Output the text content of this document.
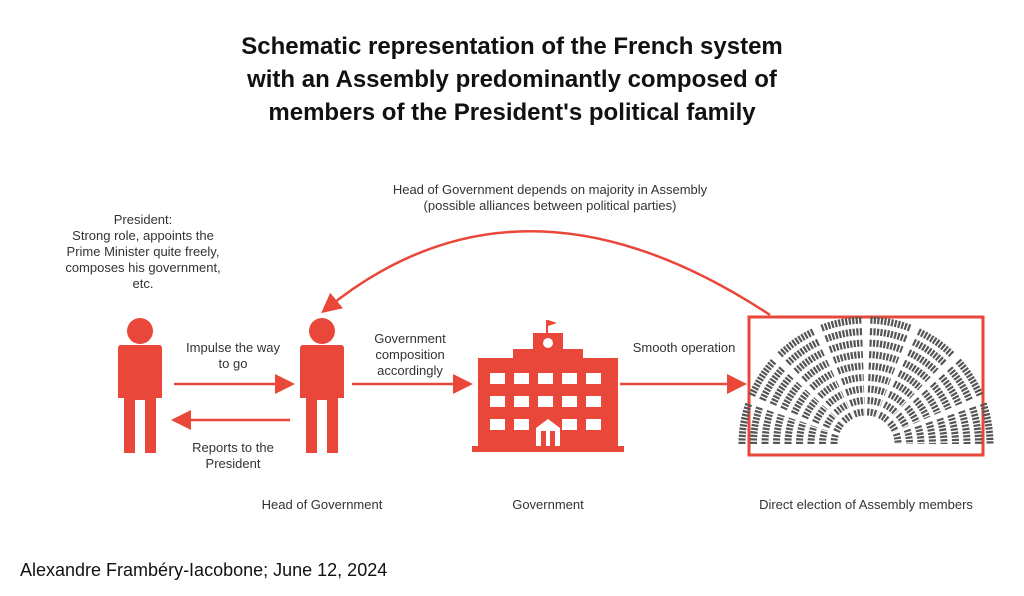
Schematic representation of the French system
with an Assembly predominantly composed of
members of the President's political family
President:
Strong role, appoints the
Prime Minister quite freely,
composes his government,
etc.
Head of Government depends on majority in Assembly
(possible alliances between political parties)
Impulse the way
to go
Reports to the
President
Government
composition
accordingly
Smooth operation
Head of Government	Government	Direct election of Assembly members
Alexandre Frambéry-Iacobone; June 12, 2024
